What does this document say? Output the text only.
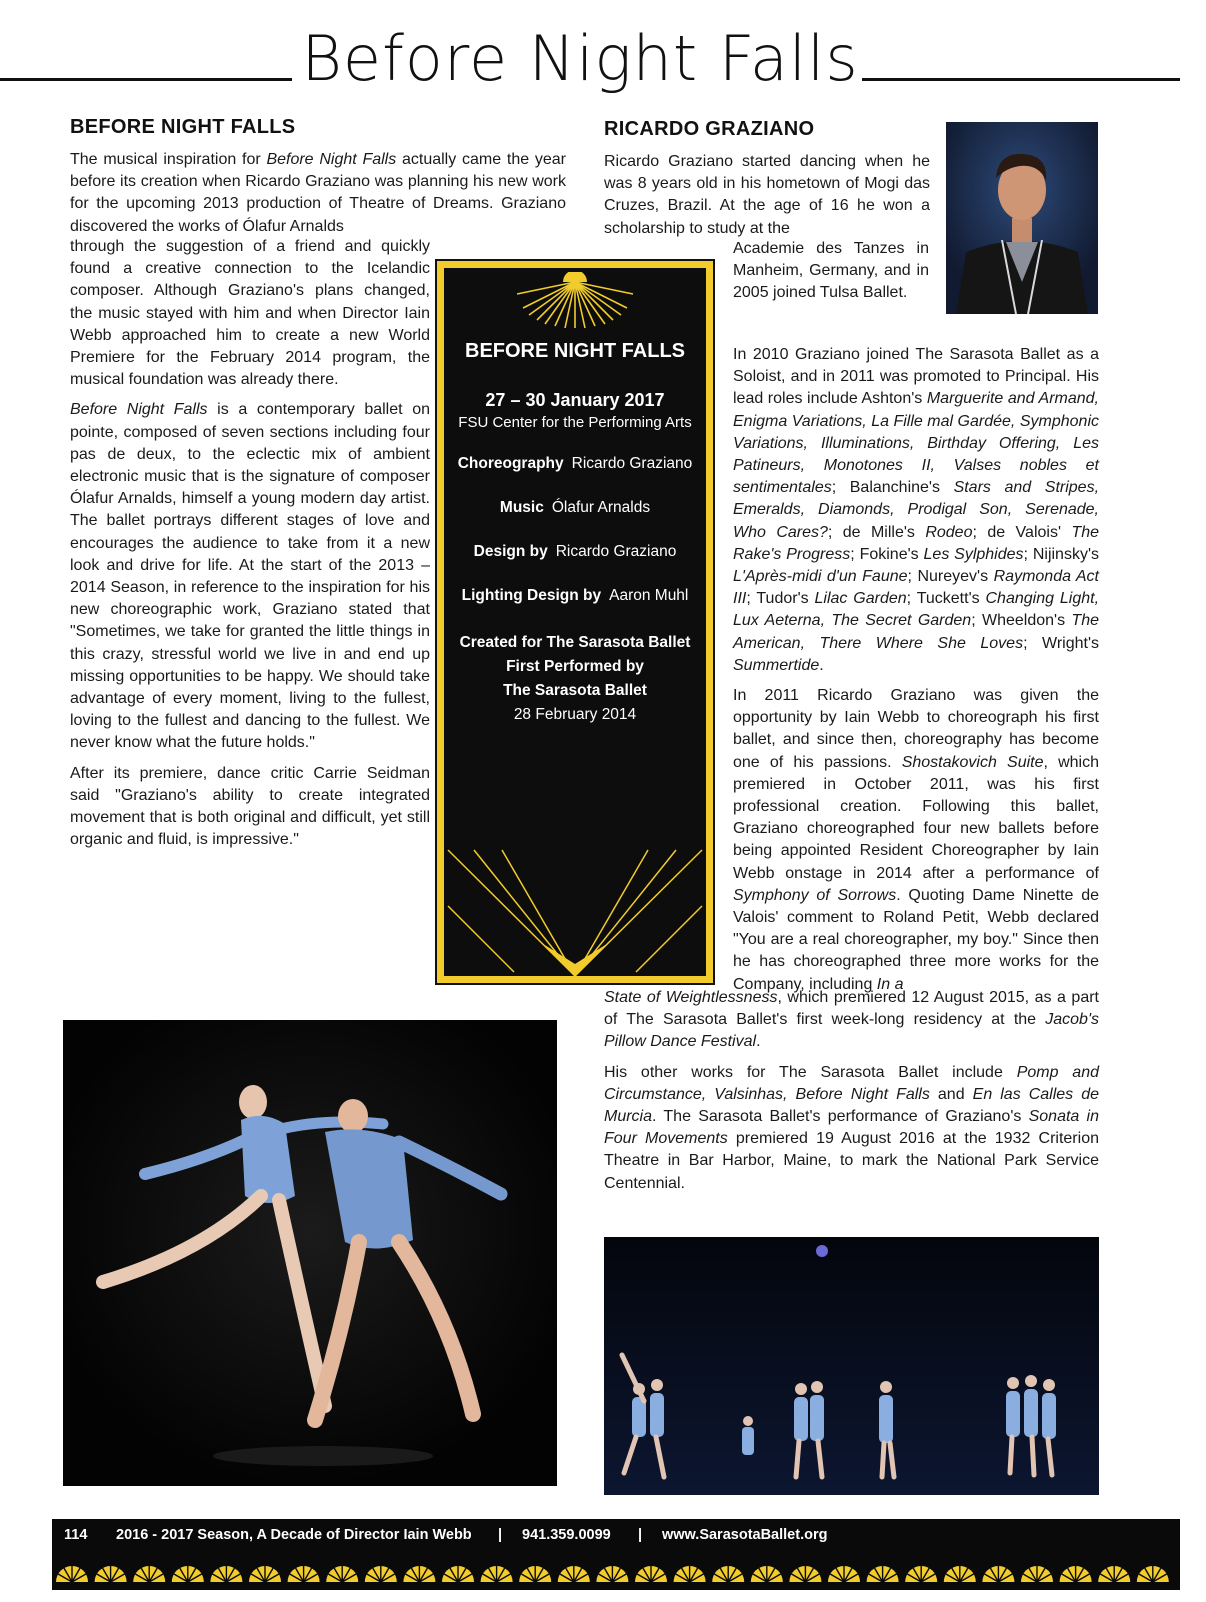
Before Night Falls
BEFORE NIGHT FALLS
The musical inspiration for Before Night Falls actually came the year before its creation when Ricardo Graziano was planning his new work for the upcoming 2013 production of Theatre of Dreams. Graziano discovered the works of Ólafur Arnalds

through the suggestion of a friend and quickly found a creative connection to the Icelandic composer. Although Graziano's plans changed, the music stayed with him and when Director Iain Webb approached him to create a new World Premiere for the February 2014 program, the musical foundation was already there.

Before Night Falls is a contemporary ballet on pointe, composed of seven sections including four pas de deux, to the eclectic mix of ambient electronic music that is the signature of composer Ólafur Arnalds, himself a young modern day artist. The ballet portrays different stages of love and encourages the audience to take from it a new look and drive for life. At the start of the 2013 – 2014 Season, in reference to the inspiration for his new choreographic work, Graziano stated that "Sometimes, we take for granted the little things in this crazy, stressful world we live in and end up missing opportunities to be happy. We should take advantage of every moment, living to the fullest, loving to the fullest and dancing to the fullest. We never know what the future holds."

After its premiere, dance critic Carrie Seidman said "Graziano's ability to create integrated movement that is both original and difficult, yet still organic and fluid, is impressive."

BEFORE NIGHT FALLS
27 – 30 January 2017
FSU Center for the Performing Arts
Choreography Ricardo Graziano
Music Ólafur Arnalds
Design by Ricardo Graziano
Lighting Design by Aaron Muhl
Created for The Sarasota Ballet
First Performed by
The Sarasota Ballet
28 February 2014
RICARDO GRAZIANO
Ricardo Graziano started dancing when he was 8 years old in his hometown of Mogi das Cruzes, Brazil. At the age of 16 he won a scholarship to study at the
Academie des Tanzes in Manheim, Germany, and in 2005 joined Tulsa Ballet.

In 2010 Graziano joined The Sarasota Ballet as a Soloist, and in 2011 was promoted to Principal. His lead roles include Ashton's Marguerite and Armand, Enigma Variations, La Fille mal Gardée, Symphonic Variations, Illuminations, Birthday Offering, Les Patineurs, Monotones II, Valses nobles et sentimentales; Balanchine's Stars and Stripes, Emeralds, Diamonds, Prodigal Son, Serenade, Who Cares?; de Mille's Rodeo; de Valois' The Rake's Progress; Fokine's Les Sylphides; Nijinsky's L'Après-midi d'un Faune; Nureyev's Raymonda Act III; Tudor's Lilac Garden; Tuckett's Changing Light, Lux Aeterna, The Secret Garden; Wheeldon's The American, There Where She Loves; Wright's Summertide.

In 2011 Ricardo Graziano was given the opportunity by Iain Webb to choreograph his first ballet, and since then, choreography has become one of his passions. Shostakovich Suite, which premiered in October 2011, was his first professional creation. Following this ballet, Graziano choreographed four new ballets before being appointed Resident Choreographer by Iain Webb onstage in 2014 after a performance of Symphony of Sorrows. Quoting Dame Ninette de Valois' comment to Roland Petit, Webb declared "You are a real choreographer, my boy." Since then he has choreographed three more works for the Company, including In a

State of Weightlessness, which premiered 12 August 2015, as a part of The Sarasota Ballet's first week-long residency at the Jacob's Pillow Dance Festival.

His other works for The Sarasota Ballet include Pomp and Circumstance, Valsinhas, Before Night Falls and En las Calles de Murcia. The Sarasota Ballet's performance of Graziano's Sonata in Four Movements premiered 19 August 2016 at the 1932 Criterion Theatre in Bar Harbor, Maine, to mark the National Park Service Centennial.

114 2016 - 2017 Season, A Decade of Director Iain Webb | 941.359.0099 | www.SarasotaBallet.org
